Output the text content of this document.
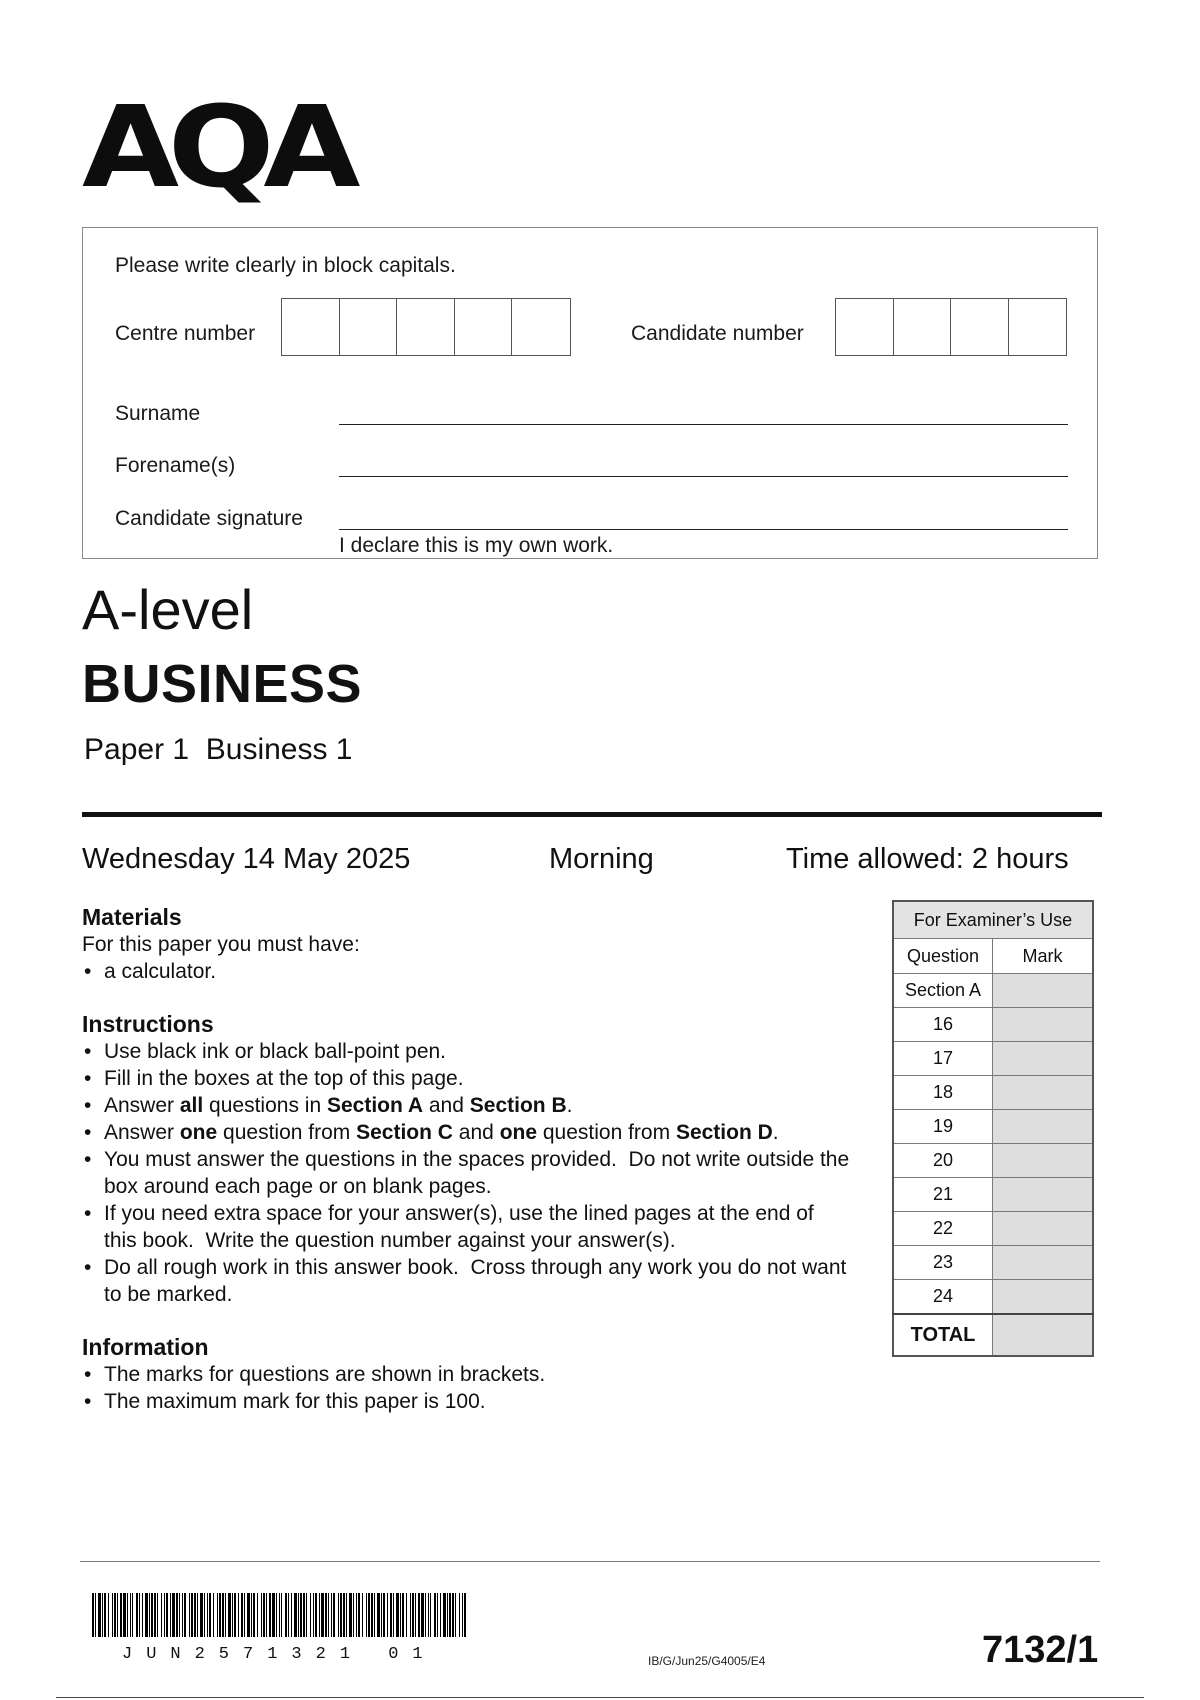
AQA
Please write clearly in block capitals.
Centre number	Candidate number
Surname
Forename(s)
Candidate signature
I declare this is my own work.
A-level
BUSINESS
Paper 1  Business 1
Wednesday 14 May 2025	Morning	Time allowed: 2 hours
Materials
For this paper you must have:
• a calculator.
Instructions
• Use black ink or black ball-point pen.
• Fill in the boxes at the top of this page.
• Answer all questions in Section A and Section B.
• Answer one question from Section C and one question from Section D.
• You must answer the questions in the spaces provided.  Do not write outside the box around each page or on blank pages.
• If you need extra space for your answer(s), use the lined pages at the end of this book.  Write the question number against your answer(s).
• Do all rough work in this answer book.  Cross through any work you do not want to be marked.
Information
• The marks for questions are shown in brackets.
• The maximum mark for this paper is 100.
For Examiner’s Use	
Question	Mark
Section A	
16	
17	
18	
19	
20	
21	
22	
23	
24	
TOTAL	
JUN2571321 01	IB/G/Jun25/G4005/E4	7132/1
